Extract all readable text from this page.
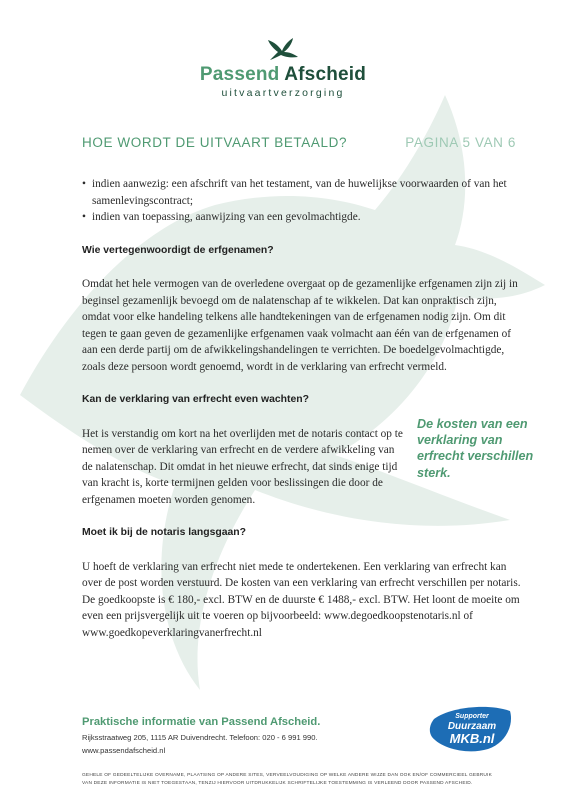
Passend Afscheid
uitvaartverzorging
HOE WORDT DE UITVAART BETAALD?	PAGINA 5 VAN 6
• indien aanwezig: een afschrift van het testament, van de huwelijkse voorwaarden of van het samenlevingscontract;
• indien van toepassing, aanwijzing van een gevolmachtigde.

Wie vertegenwoordigt de erfgenamen?

Omdat het hele vermogen van de overledene overgaat op de gezamenlijke erfgenamen zijn zij in beginsel gezamenlijk bevoegd om de nalatenschap af te wikkelen. Dat kan onpraktisch zijn, omdat voor elke handeling telkens alle handtekeningen van de erfgenamen nodig zijn. Om dit tegen te gaan geven de gezamenlijke erfgenamen vaak volmacht aan één van de erfgenamen of aan een derde partij om de afwikkelingshandelingen te verrichten. De boedelgevolmachtigde, zoals deze persoon wordt genoemd, wordt in de verklaring van erfrecht vermeld.

Kan de verklaring van erfrecht even wachten?

Het is verstandig om kort na het overlijden met de notaris contact op te nemen over de verklaring van erfrecht en de verdere afwikkeling van de nalatenschap. Dit omdat in het nieuwe erfrecht, dat sinds enige tijd van kracht is, korte termijnen gelden voor beslissingen die door de erfgenamen moeten worden genomen.

Moet ik bij de notaris langsgaan?

U hoeft de verklaring van erfrecht niet mede te ondertekenen. Een verklaring van erfrecht kan over de post worden verstuurd. De kosten van een verklaring van erfrecht verschillen per notaris. De goedkoopste is € 180,- excl. BTW en de duurste € 1488,- excl. BTW. Het loont de moeite om even een prijsvergelijk uit te voeren op bijvoorbeeld: www.degoedkoopstenotaris.nl of www.goedkopeverklaringvanerfrecht.nl

De kosten van een verklaring van erfrecht verschillen sterk.
Praktische informatie van Passend Afscheid.
Rijksstraatweg 205, 1115 AR Duivendrecht. Telefoon: 020 - 6 991 990.
www.passendafscheid.nl
GEHELE OF GEDEELTELIJKE OVERNAME, PLAATSING OP ANDERE SITES, VERVEELVOUDIGING OP WELKE ANDERE WIJZE DAN OOK EN/OF COMMERCIEEL GEBRUIK VAN DEZE INFORMATIE IS NIET TOEGESTAAN, TENZIJ HIERVOOR UITDRUKKELIJK SCHRIFTELIJKE TOESTEMMING IS VERLEEND DOOR PASSEND AFSCHEID.
Supporter
Duurzaam
MKB.nl
